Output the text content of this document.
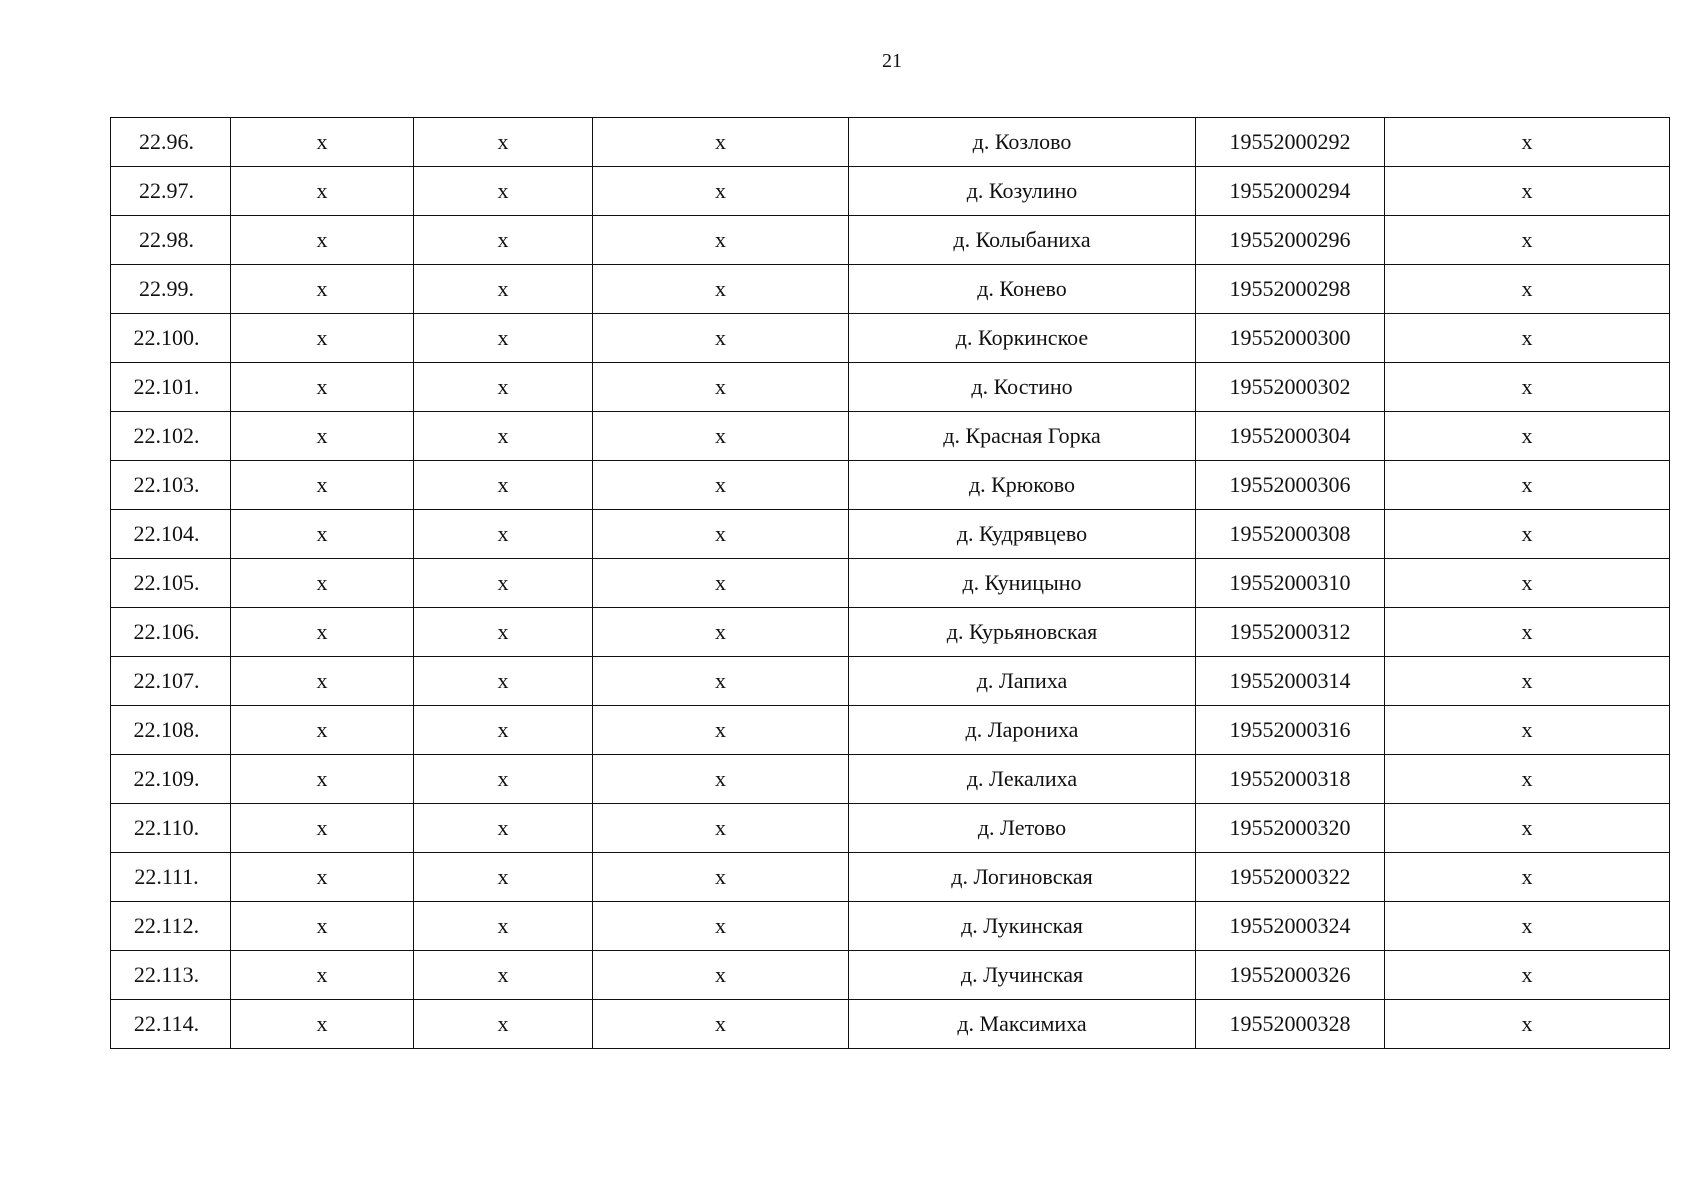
21
22.96.	x	x	x	д. Козлово	19552000292	x
22.97.	x	x	x	д. Козулино	19552000294	x
22.98.	x	x	x	д. Колыбаниха	19552000296	x
22.99.	x	x	x	д. Конево	19552000298	x
22.100.	x	x	x	д. Коркинское	19552000300	x
22.101.	x	x	x	д. Костино	19552000302	x
22.102.	x	x	x	д. Красная Горка	19552000304	x
22.103.	x	x	x	д. Крюково	19552000306	x
22.104.	x	x	x	д. Кудрявцево	19552000308	x
22.105.	x	x	x	д. Куницыно	19552000310	x
22.106.	x	x	x	д. Курьяновская	19552000312	x
22.107.	x	x	x	д. Лапиха	19552000314	x
22.108.	x	x	x	д. Ларониха	19552000316	x
22.109.	x	x	x	д. Лекалиха	19552000318	x
22.110.	x	x	x	д. Летово	19552000320	x
22.111.	x	x	x	д. Логиновская	19552000322	x
22.112.	x	x	x	д. Лукинская	19552000324	x
22.113.	x	x	x	д. Лучинская	19552000326	x
22.114.	x	x	x	д. Максимиха	19552000328	x
